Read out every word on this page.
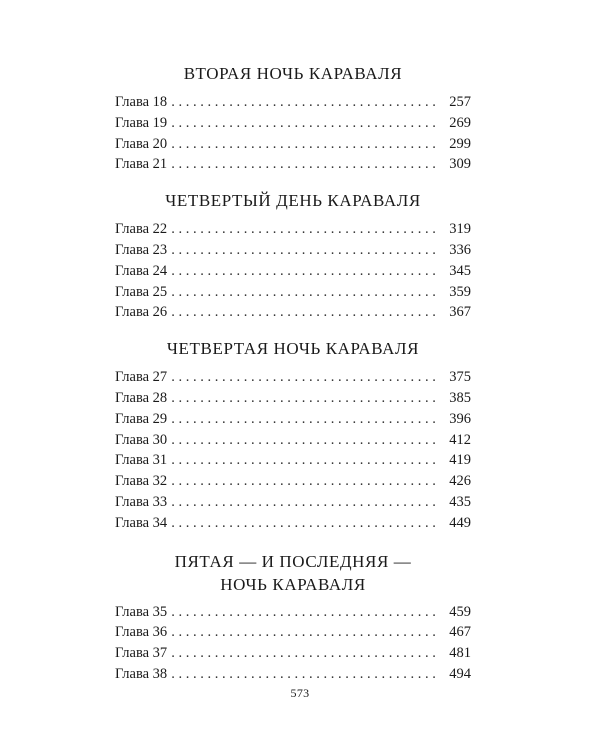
ВТОРАЯ НОЧЬ КАРАВАЛЯ
Глава 18 . . .	257
Глава 19 . . .	269
Глава 20 . . .	299
Глава 21 . . .	309
ЧЕТВЕРТЫЙ ДЕНЬ КАРАВАЛЯ
Глава 22 . . .	319
Глава 23 . . .	336
Глава 24 . . .	345
Глава 25 . . .	359
Глава 26 . . .	367
ЧЕТВЕРТАЯ НОЧЬ КАРАВАЛЯ
Глава 27 . . .	375
Глава 28 . . .	385
Глава 29 . . .	396
Глава 30 . . .	412
Глава 31 . . .	419
Глава 32 . . .	426
Глава 33 . . .	435
Глава 34 . . .	449
ПЯТАЯ — И ПОСЛЕДНЯЯ —
НОЧЬ КАРАВАЛЯ
Глава 35 . . .	459
Глава 36 . . .	467
Глава 37 . . .	481
Глава 38 . . .	494
573
